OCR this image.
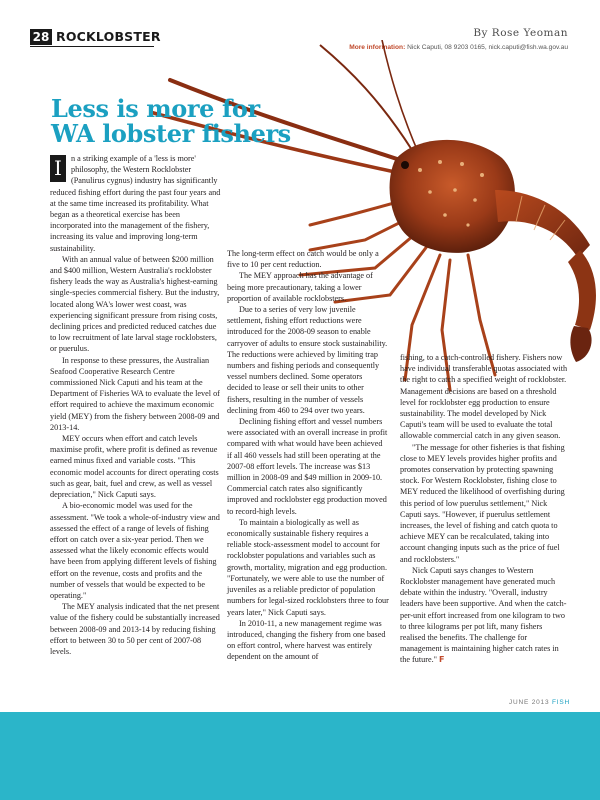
28 ROCKLOBSTER	By Rose Yeoman
More information: Nick Caputi, 08 9203 0165, nick.caputi@fish.wa.gov.au
Less is more for WA lobster fishers

I	n a striking example of a 'less is more' philosophy, the Western Rocklobster (Panulirus cygnus) industry has significantly reduced fishing effort during the past four years and at the same time increased its profitability. What began as a theoretical exercise has been incorporated into the management of the fishery, increasing its value and improving long-term sustainability.

With an annual value of between $200 million and $400 million, Western Australia's rocklobster fishery leads the way as Australia's highest-earning single-species commercial fishery. But the industry, located along WA's lower west coast, was experiencing significant pressure from rising costs, declining prices and predicted reduced catches due to low recruitment of late larval stage rocklobsters, or puerulus.

In response to these pressures, the Australian Seafood Cooperative Research Centre commissioned Nick Caputi and his team at the Department of Fisheries WA to evaluate the level of effort required to achieve the maximum economic yield (MEY) from the fishery between 2008-09 and 2013-14.

MEY occurs when effort and catch levels maximise profit, where profit is defined as revenue earned minus fixed and variable costs. "This economic model accounts for direct operating costs such as gear, bait, fuel and crew, as well as vessel depreciation," Nick Caputi says.

A bio-economic model was used for the assessment. "We took a whole-of-industry view and assessed the effect of a range of levels of fishing effort on catch over a six-year period. Then we assessed what the likely economic effects would have been from applying different levels of fishing effort on the revenue, costs and profits and the number of vessels that would be expected to be operating."

The MEY analysis indicated that the net present value of the fishery could be substantially increased between 2008-09 and 2013-14 by reducing fishing effort to between 30 to 50 per cent of 2007-08 levels.

The long-term effect on catch would be only a five to 10 per cent reduction.

The MEY approach has the advantage of being more precautionary, taking a lower proportion of available rocklobsters.

Due to a series of very low juvenile settlement, fishing effort reductions were introduced for the 2008-09 season to enable carryover of adults to ensure stock sustainability. The reductions were achieved by limiting trap numbers and fishing periods and consequently vessel numbers declined. Some operators decided to lease or sell their units to other fishers, resulting in the number of vessels declining from 460 to 294 over two years.

Declining fishing effort and vessel numbers were associated with an overall increase in profit compared with what would have been achieved if all 460 vessels had still been operating at the 2007-08 effort levels. The increase was $13 million in 2008-09 and $49 million in 2009-10. Commercial catch rates also significantly improved and rocklobster egg production moved to record-high levels.

To maintain a biologically as well as economically sustainable fishery requires a reliable stock-assessment model to account for rocklobster populations and variables such as growth, mortality, migration and egg production. "Fortunately, we were able to use the number of juveniles as a reliable predictor of population numbers for legal-sized rocklobsters three to four years later," Nick Caputi says.

In 2010-11, a new management regime was introduced, changing the fishery from one based on effort control, where harvest was entirely dependent on the amount of

fishing, to a catch-controlled fishery. Fishers now have individual transferable quotas associated with the right to catch a specified weight of rocklobster. Management decisions are based on a threshold level for rocklobster egg production to ensure sustainability. The model developed by Nick Caputi's team will be used to evaluate the total allowable commercial catch in any given season.

"The message for other fisheries is that fishing close to MEY levels provides higher profits and promotes conservation by protecting spawning stock. For Western Rocklobster, fishing close to MEY reduced the likelihood of overfishing during this period of low puerulus settlement," Nick Caputi says. "However, if puerulus settlement increases, the level of fishing and catch quota to achieve MEY can be recalculated, taking into account changing inputs such as the price of fuel and rocklobsters."

Nick Caputi says changes to Western Rocklobster management have generated much debate within the industry. "Overall, industry leaders have been supportive. And when the catch-per-unit effort increased from one kilogram to two to three kilograms per pot lift, many fishers realised the benefits. The challenge for management is maintaining higher catch rates in the future." F

JUNE 2013 FISH
